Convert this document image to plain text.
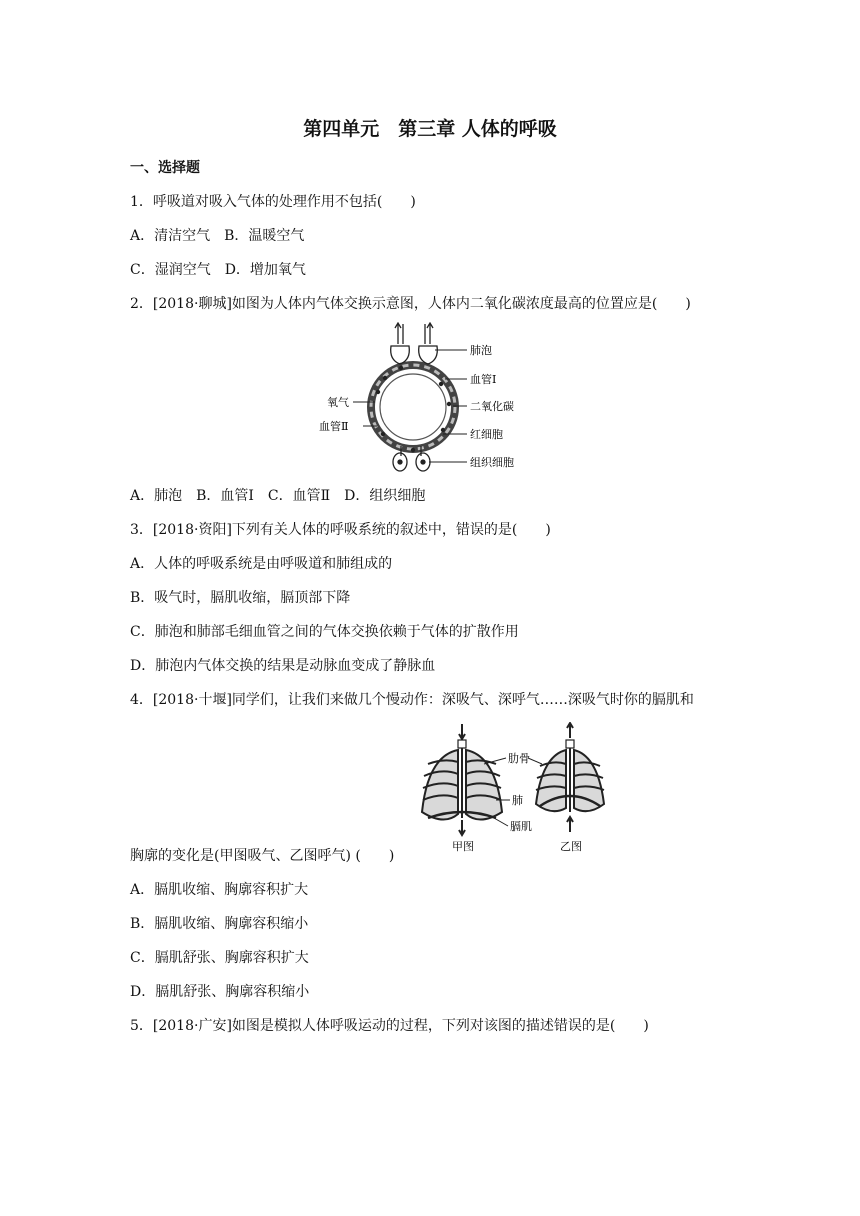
第四单元　第三章 人体的呼吸
一、选择题
1．呼吸道对吸入气体的处理作用不包括(　　)
A．清洁空气　B．温暖空气
C．湿润空气　D．增加氧气
2．[2018·聊城]如图为人体内气体交换示意图，人体内二氧化碳浓度最高的位置应是(　　)
肺泡
血管Ⅰ
二氧化碳
红细胞
组织细胞
氧气
血管Ⅱ
A．肺泡　B．血管Ⅰ　C．血管Ⅱ　D．组织细胞
3．[2018·资阳]下列有关人体的呼吸系统的叙述中，错误的是(　　)
A．人体的呼吸系统是由呼吸道和肺组成的
B．吸气时，膈肌收缩，膈顶部下降
C．肺泡和肺部毛细血管之间的气体交换依赖于气体的扩散作用
D．肺泡内气体交换的结果是动脉血变成了静脉血
4．[2018·十堰]同学们，让我们来做几个慢动作：深吸气、深呼气……深吸气时你的膈肌和
肋骨
肺
膈肌
甲图	乙图
胸廓的变化是(甲图吸气、乙图呼气) (　　)
A．膈肌收缩、胸廓容积扩大
B．膈肌收缩、胸廓容积缩小
C．膈肌舒张、胸廓容积扩大
D．膈肌舒张、胸廓容积缩小
5．[2018·广安]如图是模拟人体呼吸运动的过程，下列对该图的描述错误的是(　　)
